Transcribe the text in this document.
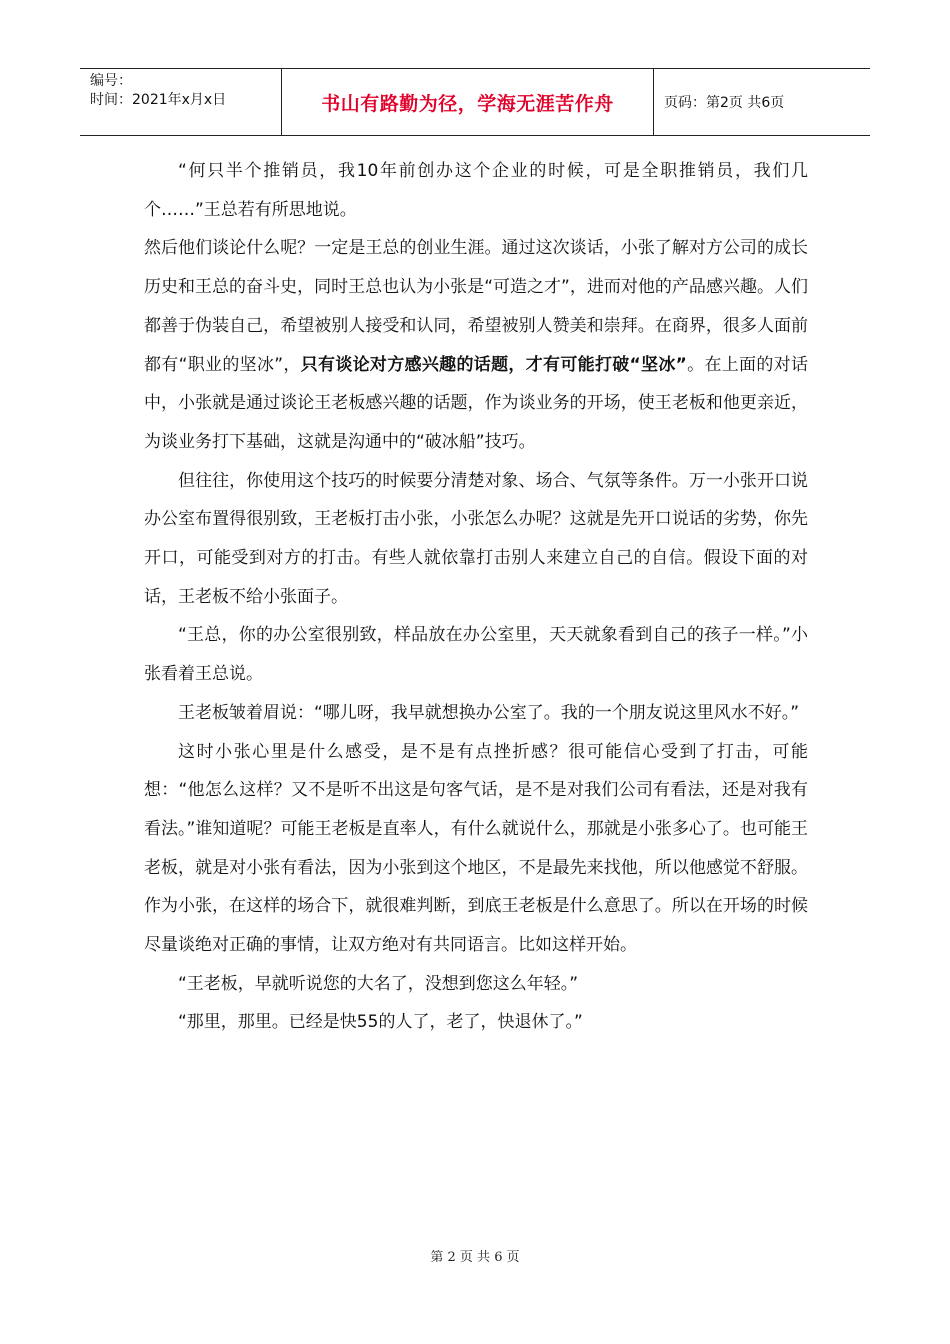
编号：
时间：2021年x月x日	书山有路勤为径，学海无涯苦作舟	页码：第2页 共6页

“何只半个推销员，我10年前创办这个企业的时候，可是全职推销员，我们几个……”王总若有所思地说。

然后他们谈论什么呢？一定是王总的创业生涯。通过这次谈话，小张了解对方公司的成长历史和王总的奋斗史，同时王总也认为小张是“可造之才”，进而对他的产品感兴趣。人们都善于伪装自己，希望被别人接受和认同，希望被别人赞美和崇拜。在商界，很多人面前都有“职业的坚冰”，只有谈论对方感兴趣的话题，才有可能打破“坚冰”。在上面的对话中，小张就是通过谈论王老板感兴趣的话题，作为谈业务的开场，使王老板和他更亲近，为谈业务打下基础，这就是沟通中的“破冰船”技巧。

但往往，你使用这个技巧的时候要分清楚对象、场合、气氛等条件。万一小张开口说办公室布置得很别致，王老板打击小张，小张怎么办呢？这就是先开口说话的劣势，你先开口，可能受到对方的打击。有些人就依靠打击别人来建立自己的自信。假设下面的对话，王老板不给小张面子。

“王总，你的办公室很别致，样品放在办公室里，天天就象看到自己的孩子一样。”小张看着王总说。

王老板皱着眉说：“哪儿呀，我早就想换办公室了。我的一个朋友说这里风水不好。”

这时小张心里是什么感受，是不是有点挫折感？很可能信心受到了打击，可能想：“他怎么这样？又不是听不出这是句客气话，是不是对我们公司有看法，还是对我有看法。”谁知道呢？可能王老板是直率人，有什么就说什么，那就是小张多心了。也可能王老板，就是对小张有看法，因为小张到这个地区，不是最先来找他，所以他感觉不舒服。作为小张，在这样的场合下，就很难判断，到底王老板是什么意思了。所以在开场的时候尽量谈绝对正确的事情，让双方绝对有共同语言。比如这样开始。

“王老板，早就听说您的大名了，没想到您这么年轻。”

“那里，那里。已经是快55的人了，老了，快退休了。”

第 2 页 共 6 页
